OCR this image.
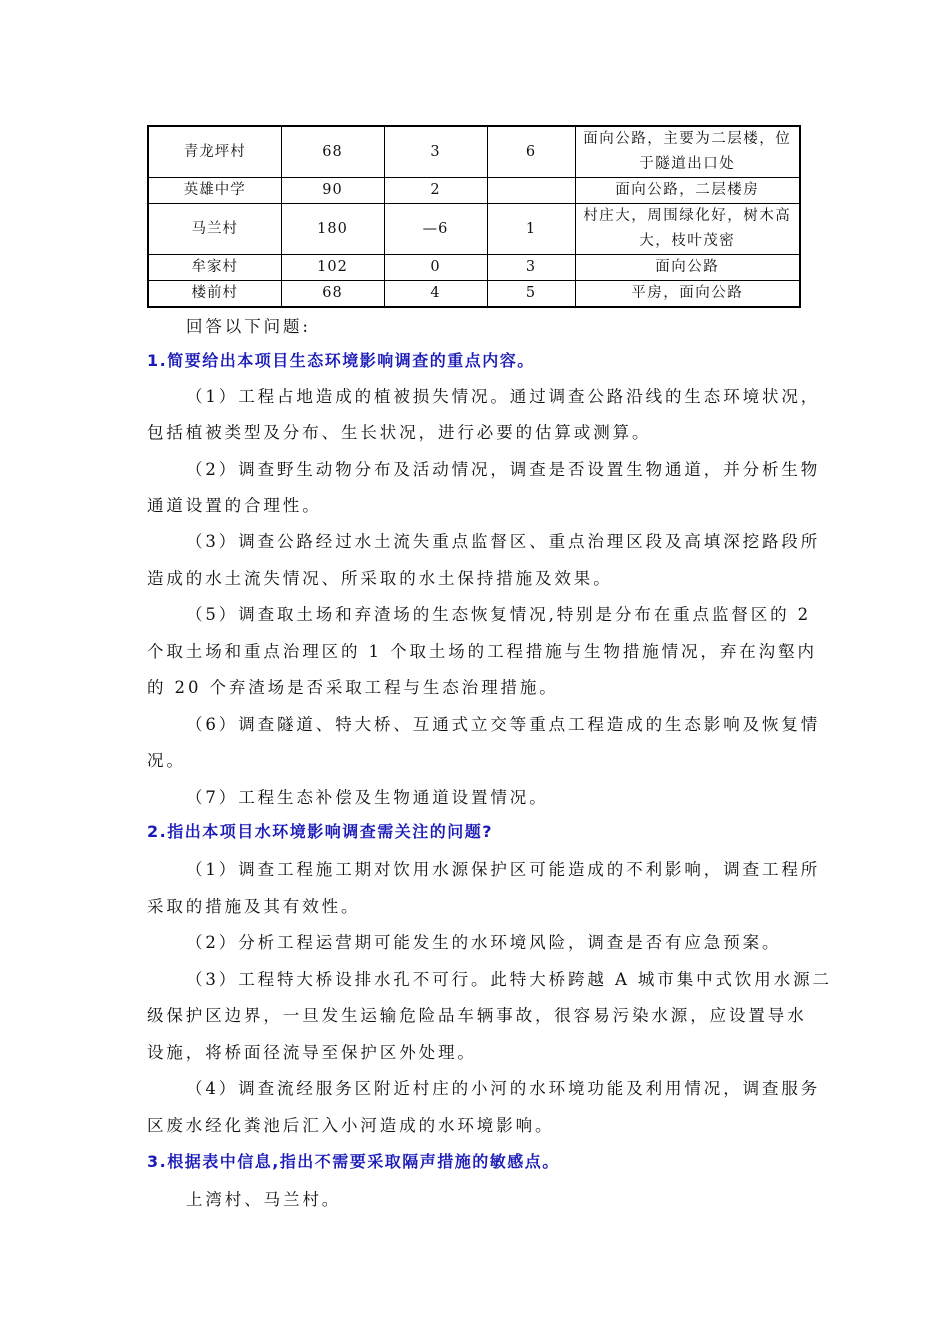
青龙坪村	68	3	6	面向公路，主要为二层楼，位
于隧道出口处
英雄中学	90	2		面向公路，二层楼房
马兰村	180	—6	1	村庄大，周围绿化好，树木高
大，枝叶茂密
牟家村	102	0	3	面向公路
楼前村	68	4	5	平房，面向公路
回答以下问题:
1.简要给出本项目生态环境影响调查的重点内容。
（1）工程占地造成的植被损失情况。通过调查公路沿线的生态环境状况，
包括植被类型及分布、生长状况，进行必要的估算或测算。
（2）调查野生动物分布及活动情况，调查是否设置生物通道，并分析生物
通道设置的合理性。
（3）调查公路经过水土流失重点监督区、重点治理区段及高填深挖路段所
造成的水土流失情况、所采取的水土保持措施及效果。
（5）调查取土场和弃渣场的生态恢复情况,特别是分布在重点监督区的 2
个取土场和重点治理区的 1 个取土场的工程措施与生物措施情况，弃在沟壑内
的 20 个弃渣场是否采取工程与生态治理措施。
（6）调查隧道、特大桥、互通式立交等重点工程造成的生态影响及恢复情
况。
（7）工程生态补偿及生物通道设置情况。
2.指出本项目水环境影响调查需关注的问题?
（1）调查工程施工期对饮用水源保护区可能造成的不利影响，调查工程所
采取的措施及其有效性。
（2）分析工程运营期可能发生的水环境风险，调查是否有应急预案。
（3）工程特大桥设排水孔不可行。此特大桥跨越 A 城市集中式饮用水源二
级保护区边界，一旦发生运输危险品车辆事故，很容易污染水源，应设置导水
设施，将桥面径流导至保护区外处理。
（4）调查流经服务区附近村庄的小河的水环境功能及利用情况，调查服务
区废水经化粪池后汇入小河造成的水环境影响。
3.根据表中信息,指出不需要采取隔声措施的敏感点。
上湾村、马兰村。
